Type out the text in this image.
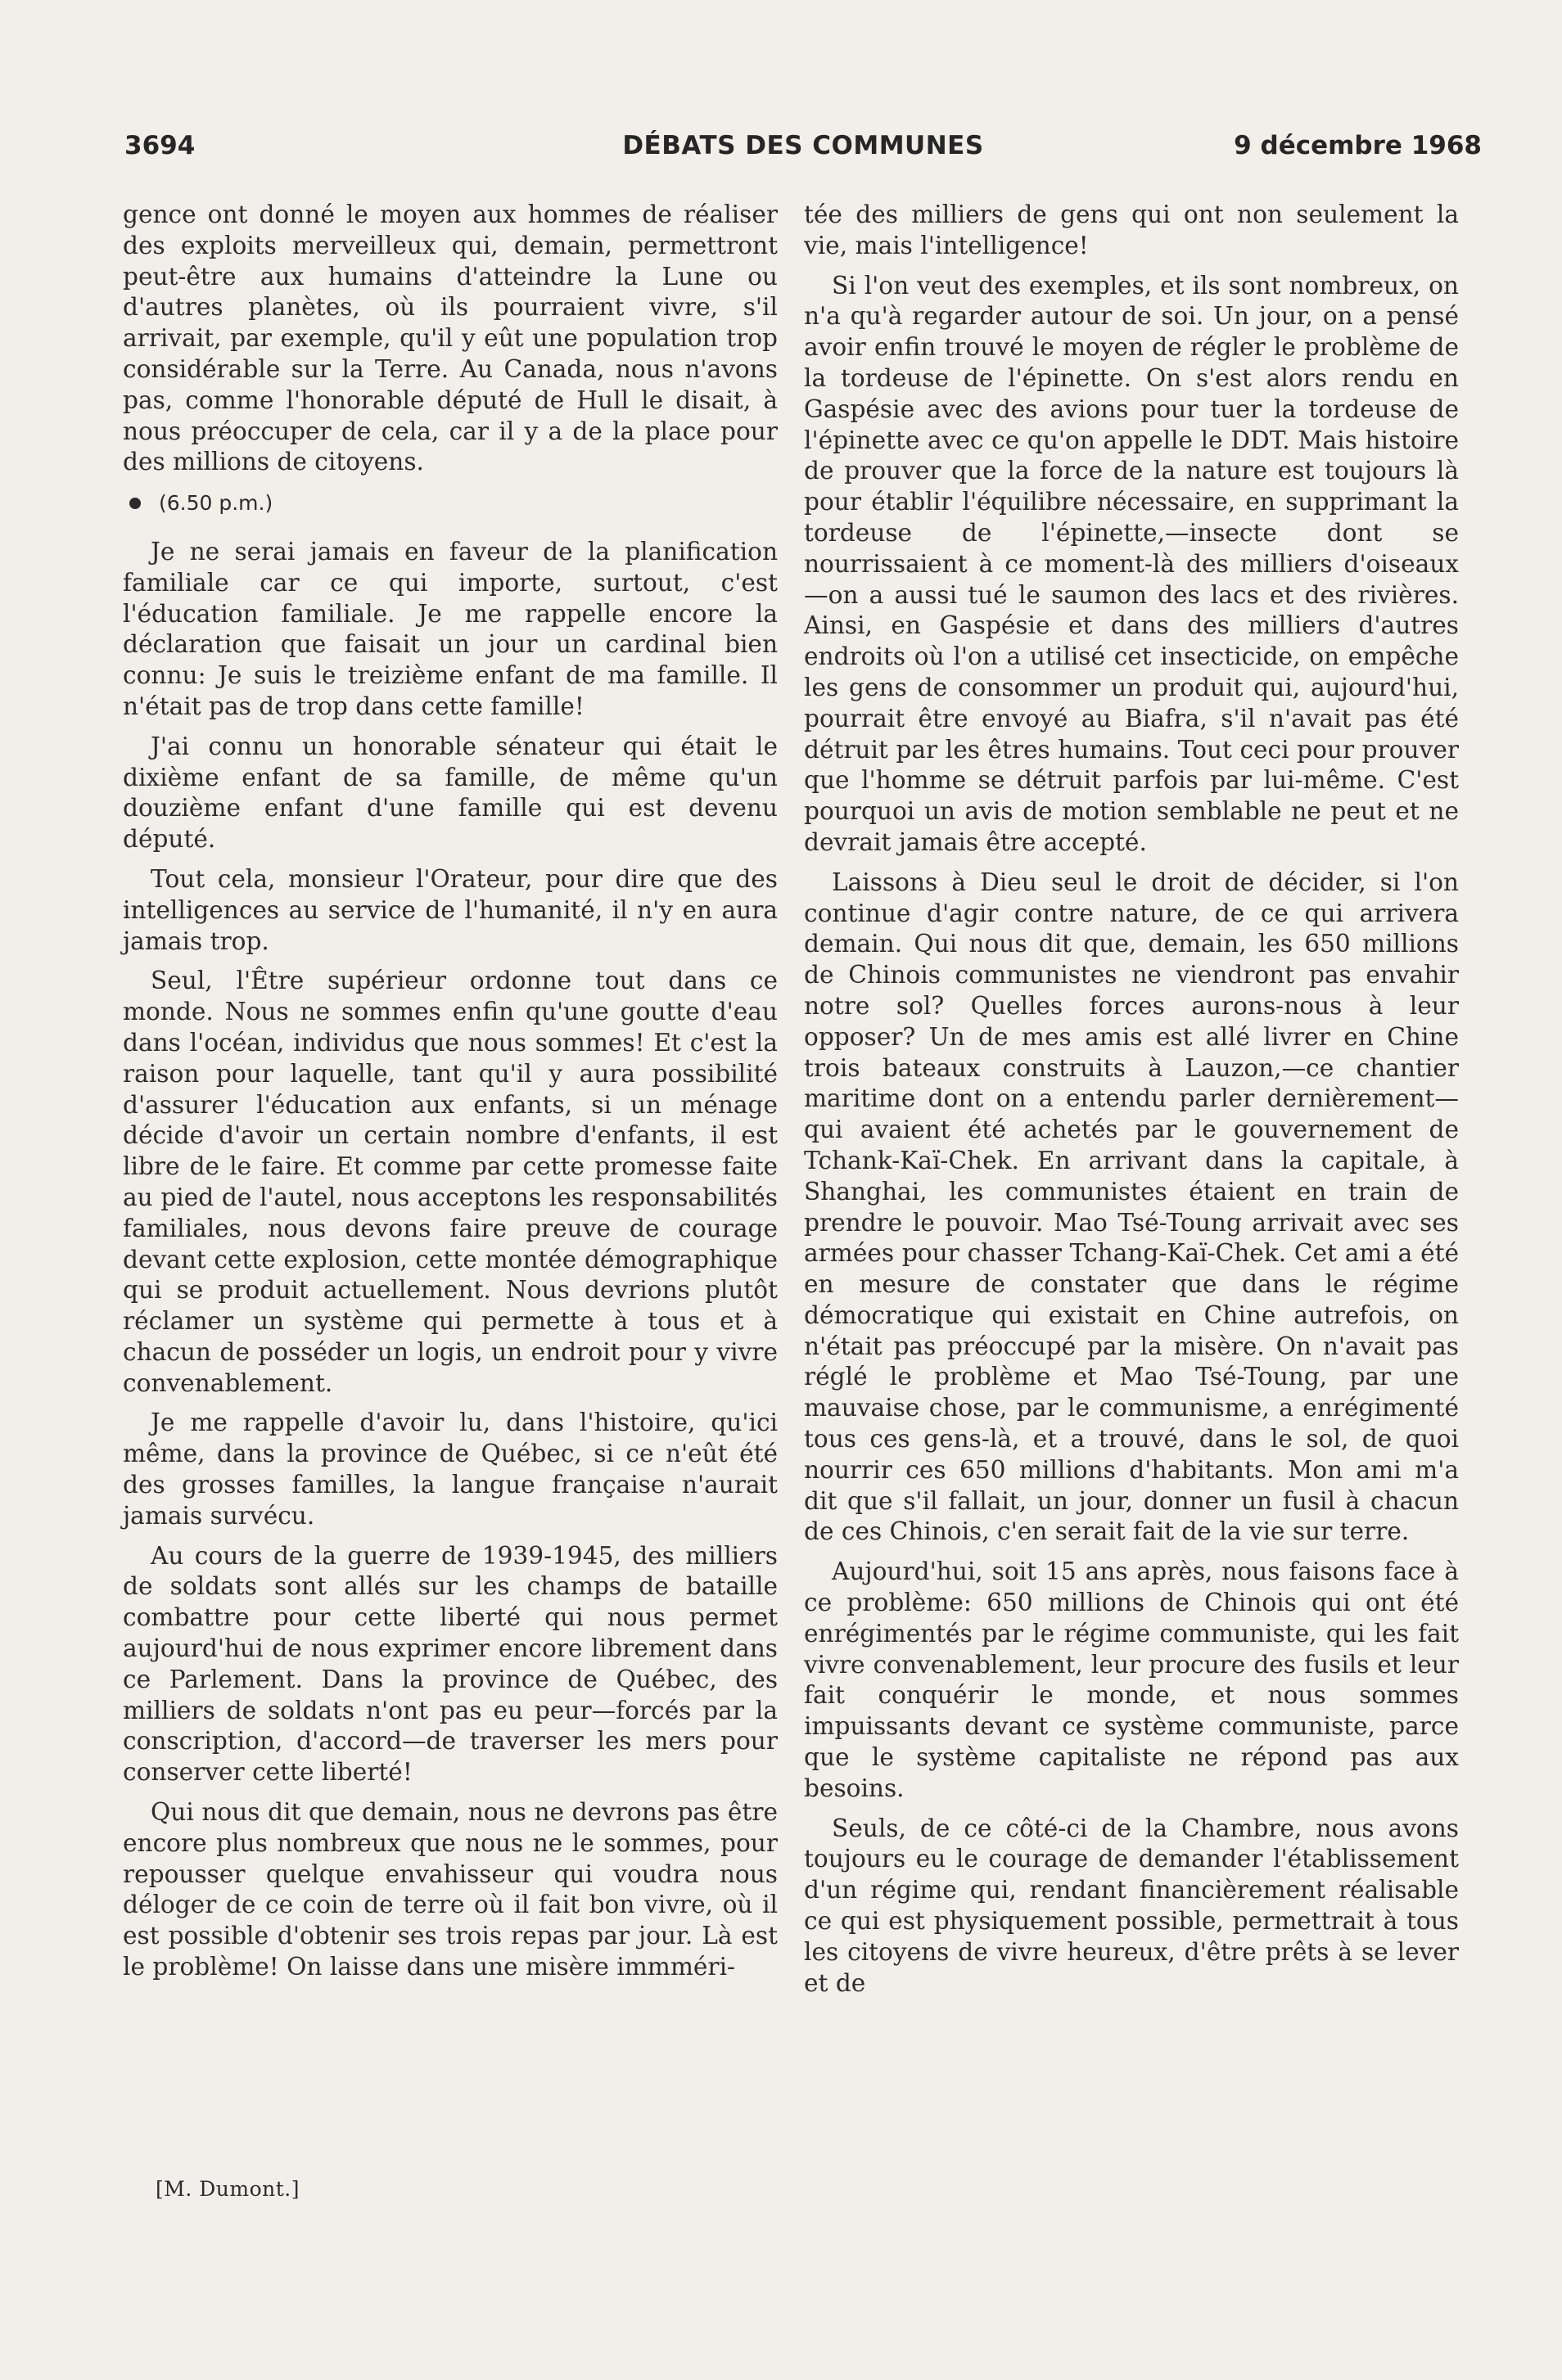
3694	DÉBATS DES COMMUNES	9 décembre 1968

gence ont donné le moyen aux hommes de réaliser des exploits merveilleux qui, demain, permettront peut-être aux humains d'atteindre la Lune ou d'autres planètes, où ils pourraient vivre, s'il arrivait, par exemple, qu'il y eût une population trop considérable sur la Terre. Au Canada, nous n'avons pas, comme l'honorable député de Hull le disait, à nous préoccuper de cela, car il y a de la place pour des millions de citoyens.

(6.50 p.m.)

Je ne serai jamais en faveur de la planification familiale car ce qui importe, surtout, c'est l'éducation familiale. Je me rappelle encore la déclaration que faisait un jour un cardinal bien connu: Je suis le treizième enfant de ma famille. Il n'était pas de trop dans cette famille!

J'ai connu un honorable sénateur qui était le dixième enfant de sa famille, de même qu'un douzième enfant d'une famille qui est devenu député.

Tout cela, monsieur l'Orateur, pour dire que des intelligences au service de l'humanité, il n'y en aura jamais trop.

Seul, l'Être supérieur ordonne tout dans ce monde. Nous ne sommes enfin qu'une goutte d'eau dans l'océan, individus que nous sommes! Et c'est la raison pour laquelle, tant qu'il y aura possibilité d'assurer l'éducation aux enfants, si un ménage décide d'avoir un certain nombre d'enfants, il est libre de le faire. Et comme par cette promesse faite au pied de l'autel, nous acceptons les responsabilités familiales, nous devons faire preuve de courage devant cette explosion, cette montée démographique qui se produit actuellement. Nous devrions plutôt réclamer un système qui permette à tous et à chacun de posséder un logis, un endroit pour y vivre convenablement.

Je me rappelle d'avoir lu, dans l'histoire, qu'ici même, dans la province de Québec, si ce n'eût été des grosses familles, la langue française n'aurait jamais survécu.

Au cours de la guerre de 1939-1945, des milliers de soldats sont allés sur les champs de bataille combattre pour cette liberté qui nous permet aujourd'hui de nous exprimer encore librement dans ce Parlement. Dans la province de Québec, des milliers de soldats n'ont pas eu peur—forcés par la conscription, d'accord—de traverser les mers pour conserver cette liberté!

Qui nous dit que demain, nous ne devrons pas être encore plus nombreux que nous ne le sommes, pour repousser quelque envahisseur qui voudra nous déloger de ce coin de terre où il fait bon vivre, où il est possible d'obtenir ses trois repas par jour. Là est le problème! On laisse dans une misère immméri-

[M. Dumont.]

tée des milliers de gens qui ont non seulement la vie, mais l'intelligence!

Si l'on veut des exemples, et ils sont nombreux, on n'a qu'à regarder autour de soi. Un jour, on a pensé avoir enfin trouvé le moyen de régler le problème de la tordeuse de l'épinette. On s'est alors rendu en Gaspésie avec des avions pour tuer la tordeuse de l'épinette avec ce qu'on appelle le DDT. Mais histoire de prouver que la force de la nature est toujours là pour établir l'équilibre nécessaire, en supprimant la tordeuse de l'épinette,—insecte dont se nourrissaient à ce moment-là des milliers d'oiseaux—on a aussi tué le saumon des lacs et des rivières. Ainsi, en Gaspésie et dans des milliers d'autres endroits où l'on a utilisé cet insecticide, on empêche les gens de consommer un produit qui, aujourd'hui, pourrait être envoyé au Biafra, s'il n'avait pas été détruit par les êtres humains. Tout ceci pour prouver que l'homme se détruit parfois par lui-même. C'est pourquoi un avis de motion semblable ne peut et ne devrait jamais être accepté.

Laissons à Dieu seul le droit de décider, si l'on continue d'agir contre nature, de ce qui arrivera demain. Qui nous dit que, demain, les 650 millions de Chinois communistes ne viendront pas envahir notre sol? Quelles forces aurons-nous à leur opposer? Un de mes amis est allé livrer en Chine trois bateaux construits à Lauzon,—ce chantier maritime dont on a entendu parler dernièrement—qui avaient été achetés par le gouvernement de Tchank-Kaï-Chek. En arrivant dans la capitale, à Shanghai, les communistes étaient en train de prendre le pouvoir. Mao Tsé-Toung arrivait avec ses armées pour chasser Tchang-Kaï-Chek. Cet ami a été en mesure de constater que dans le régime démocratique qui existait en Chine autrefois, on n'était pas préoccupé par la misère. On n'avait pas réglé le problème et Mao Tsé-Toung, par une mauvaise chose, par le communisme, a enrégimenté tous ces gens-là, et a trouvé, dans le sol, de quoi nourrir ces 650 millions d'habitants. Mon ami m'a dit que s'il fallait, un jour, donner un fusil à chacun de ces Chinois, c'en serait fait de la vie sur terre.

Aujourd'hui, soit 15 ans après, nous faisons face à ce problème: 650 millions de Chinois qui ont été enrégimentés par le régime communiste, qui les fait vivre convenablement, leur procure des fusils et leur fait conquérir le monde, et nous sommes impuissants devant ce système communiste, parce que le système capitaliste ne répond pas aux besoins.

Seuls, de ce côté-ci de la Chambre, nous avons toujours eu le courage de demander l'établissement d'un régime qui, rendant financièrement réalisable ce qui est physiquement possible, permettrait à tous les citoyens de vivre heureux, d'être prêts à se lever et de
